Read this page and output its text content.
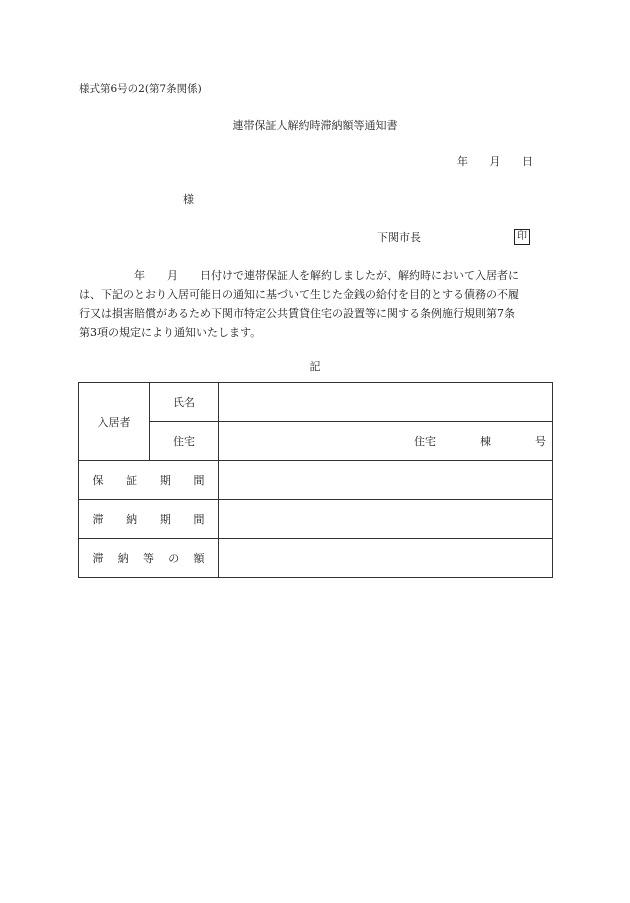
様式第6号の2(第7条関係)
連帯保証人解約時滞納額等通知書
年 月 日
様
下関市長	印
　　　　　年　　月　　日付けで連帯保証人を解約しましたが、解約時において入居者に
は、下記のとおり入居可能日の通知に基づいて生じた金銭の給付を目的とする債務の不履
行又は損害賠償があるため下関市特定公共賃貸住宅の設置等に関する条例施行規則第7条
第3項の規定により通知いたします。
記
入居者	氏名	
	住宅	住宅 棟 号
保証期間		
滞納期間		
滞納等の額		
